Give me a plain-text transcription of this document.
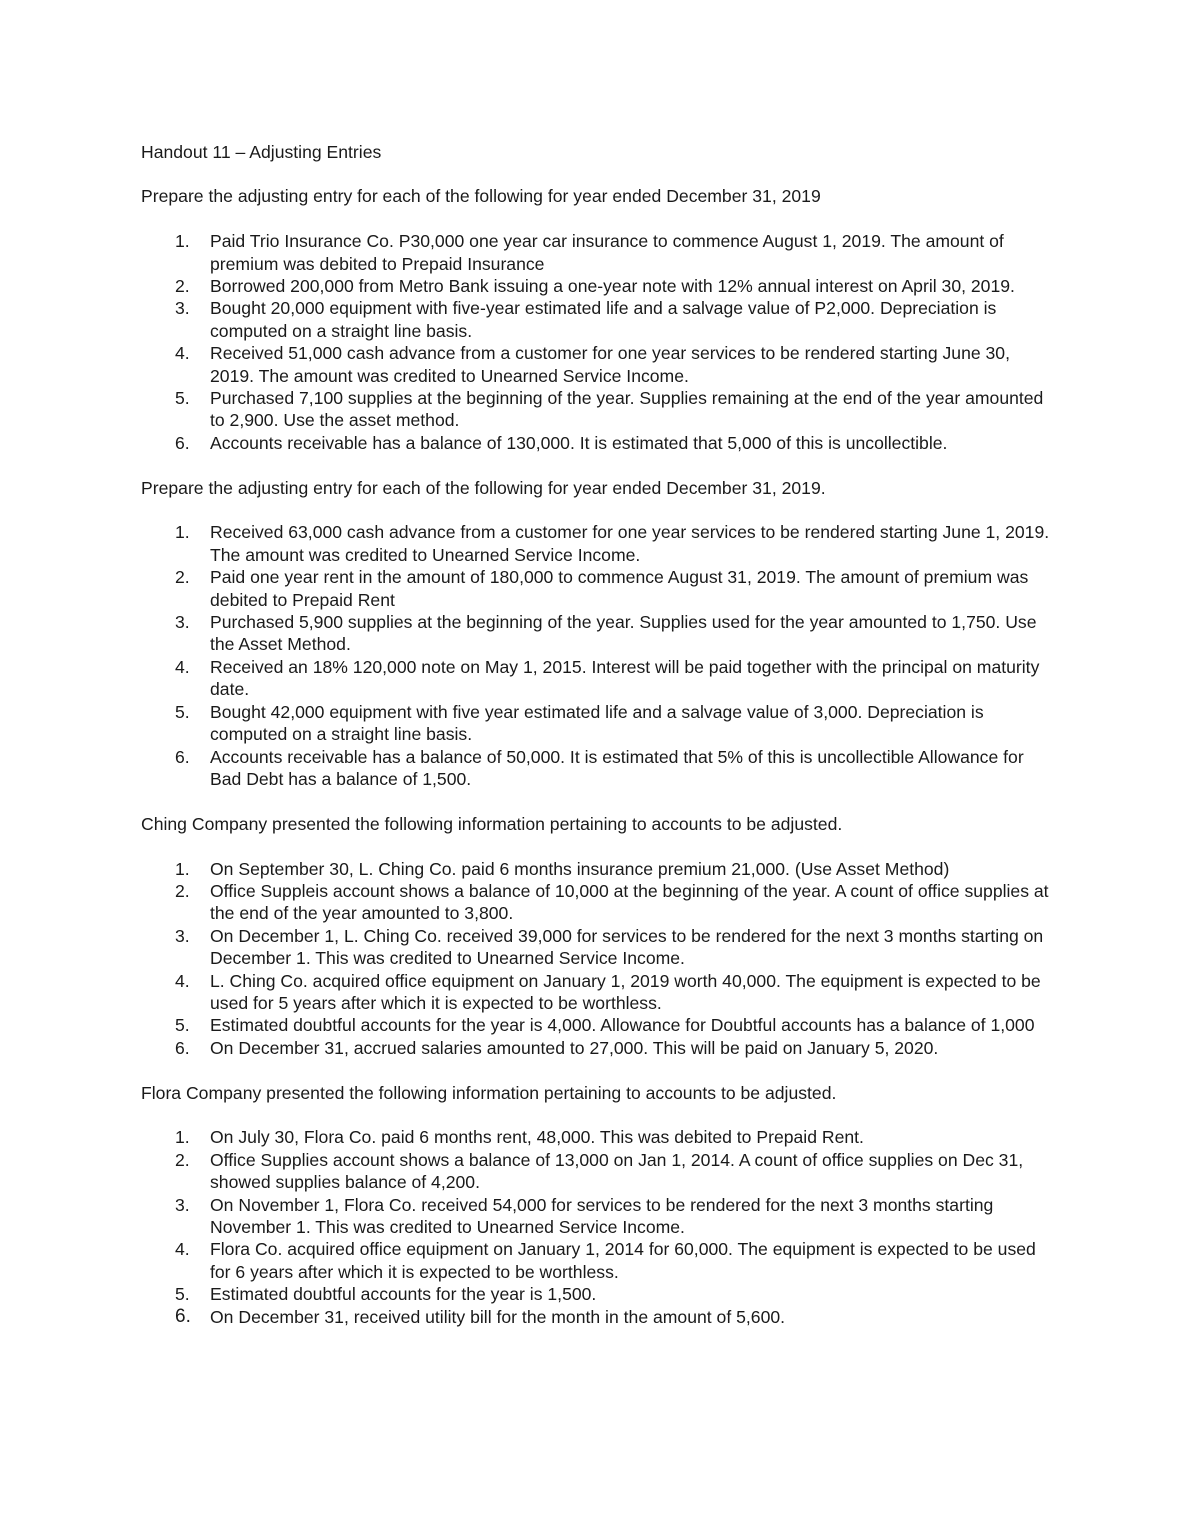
Handout 11 – Adjusting Entries
Prepare the adjusting entry for each of the following for year ended December 31, 2019
1.	Paid Trio Insurance Co. P30,000 one year car insurance to commence August 1, 2019. The amount of premium was debited to Prepaid Insurance
2.	Borrowed 200,000 from Metro Bank issuing a one-year note with 12% annual interest on April 30, 2019.
3.	Bought 20,000 equipment with five-year estimated life and a salvage value of P2,000. Depreciation is computed on a straight line basis.
4.	Received 51,000 cash advance from a customer for one year services to be rendered starting June 30, 2019. The amount was credited to Unearned Service Income.
5.	Purchased 7,100 supplies at the beginning of the year. Supplies remaining at the end of the year amounted to 2,900. Use the asset method.
6.	Accounts receivable has a balance of 130,000. It is estimated that 5,000 of this is uncollectible.
Prepare the adjusting entry for each of the following for year ended December 31, 2019.
1.	Received 63,000 cash advance from a customer for one year services to be rendered starting June 1, 2019. The amount was credited to Unearned Service Income.
2.	Paid one year rent in the amount of 180,000 to commence August 31, 2019. The amount of premium was debited to Prepaid Rent
3.	Purchased 5,900 supplies at the beginning of the year. Supplies used for the year amounted to 1,750. Use the Asset Method.
4.	Received an 18% 120,000 note on May 1, 2015. Interest will be paid together with the principal on maturity date.
5.	Bought 42,000 equipment with five year estimated life and a salvage value of 3,000. Depreciation is computed on a straight line basis.
6.	Accounts receivable has a balance of 50,000. It is estimated that 5% of this is uncollectible Allowance for Bad Debt has a balance of 1,500.
Ching Company presented the following information pertaining to accounts to be adjusted.
1.	On September 30, L. Ching Co. paid 6 months insurance premium 21,000. (Use Asset Method)
2.	Office Suppleis account shows a balance of 10,000 at the beginning of the year. A count of office supplies at the end of the year amounted to 3,800.
3.	On December 1, L. Ching Co. received 39,000 for services to be rendered for the next 3 months starting on December 1. This was credited to Unearned Service Income.
4.	L. Ching Co. acquired office equipment on January 1, 2019 worth 40,000. The equipment is expected to be used for 5 years after which it is expected to be worthless.
5.	Estimated doubtful accounts for the year is 4,000. Allowance for Doubtful accounts has a balance of 1,000
6.	On December 31, accrued salaries amounted to 27,000. This will be paid on January 5, 2020.
Flora Company presented the following information pertaining to accounts to be adjusted.
1.	On July 30, Flora Co. paid 6 months rent, 48,000. This was debited to Prepaid Rent.
2.	Office Supplies account shows a balance of 13,000 on Jan 1, 2014. A count of office supplies on Dec 31, showed supplies balance of 4,200.
3.	On November 1, Flora Co. received 54,000 for services to be rendered for the next 3 months starting November 1. This was credited to Unearned Service Income.
4.	Flora Co. acquired office equipment on January 1, 2014 for 60,000. The equipment is expected to be used for 6 years after which it is expected to be worthless.
5.	Estimated doubtful accounts for the year is 1,500.
6.	On December 31, received utility bill for the month in the amount of 5,600.
